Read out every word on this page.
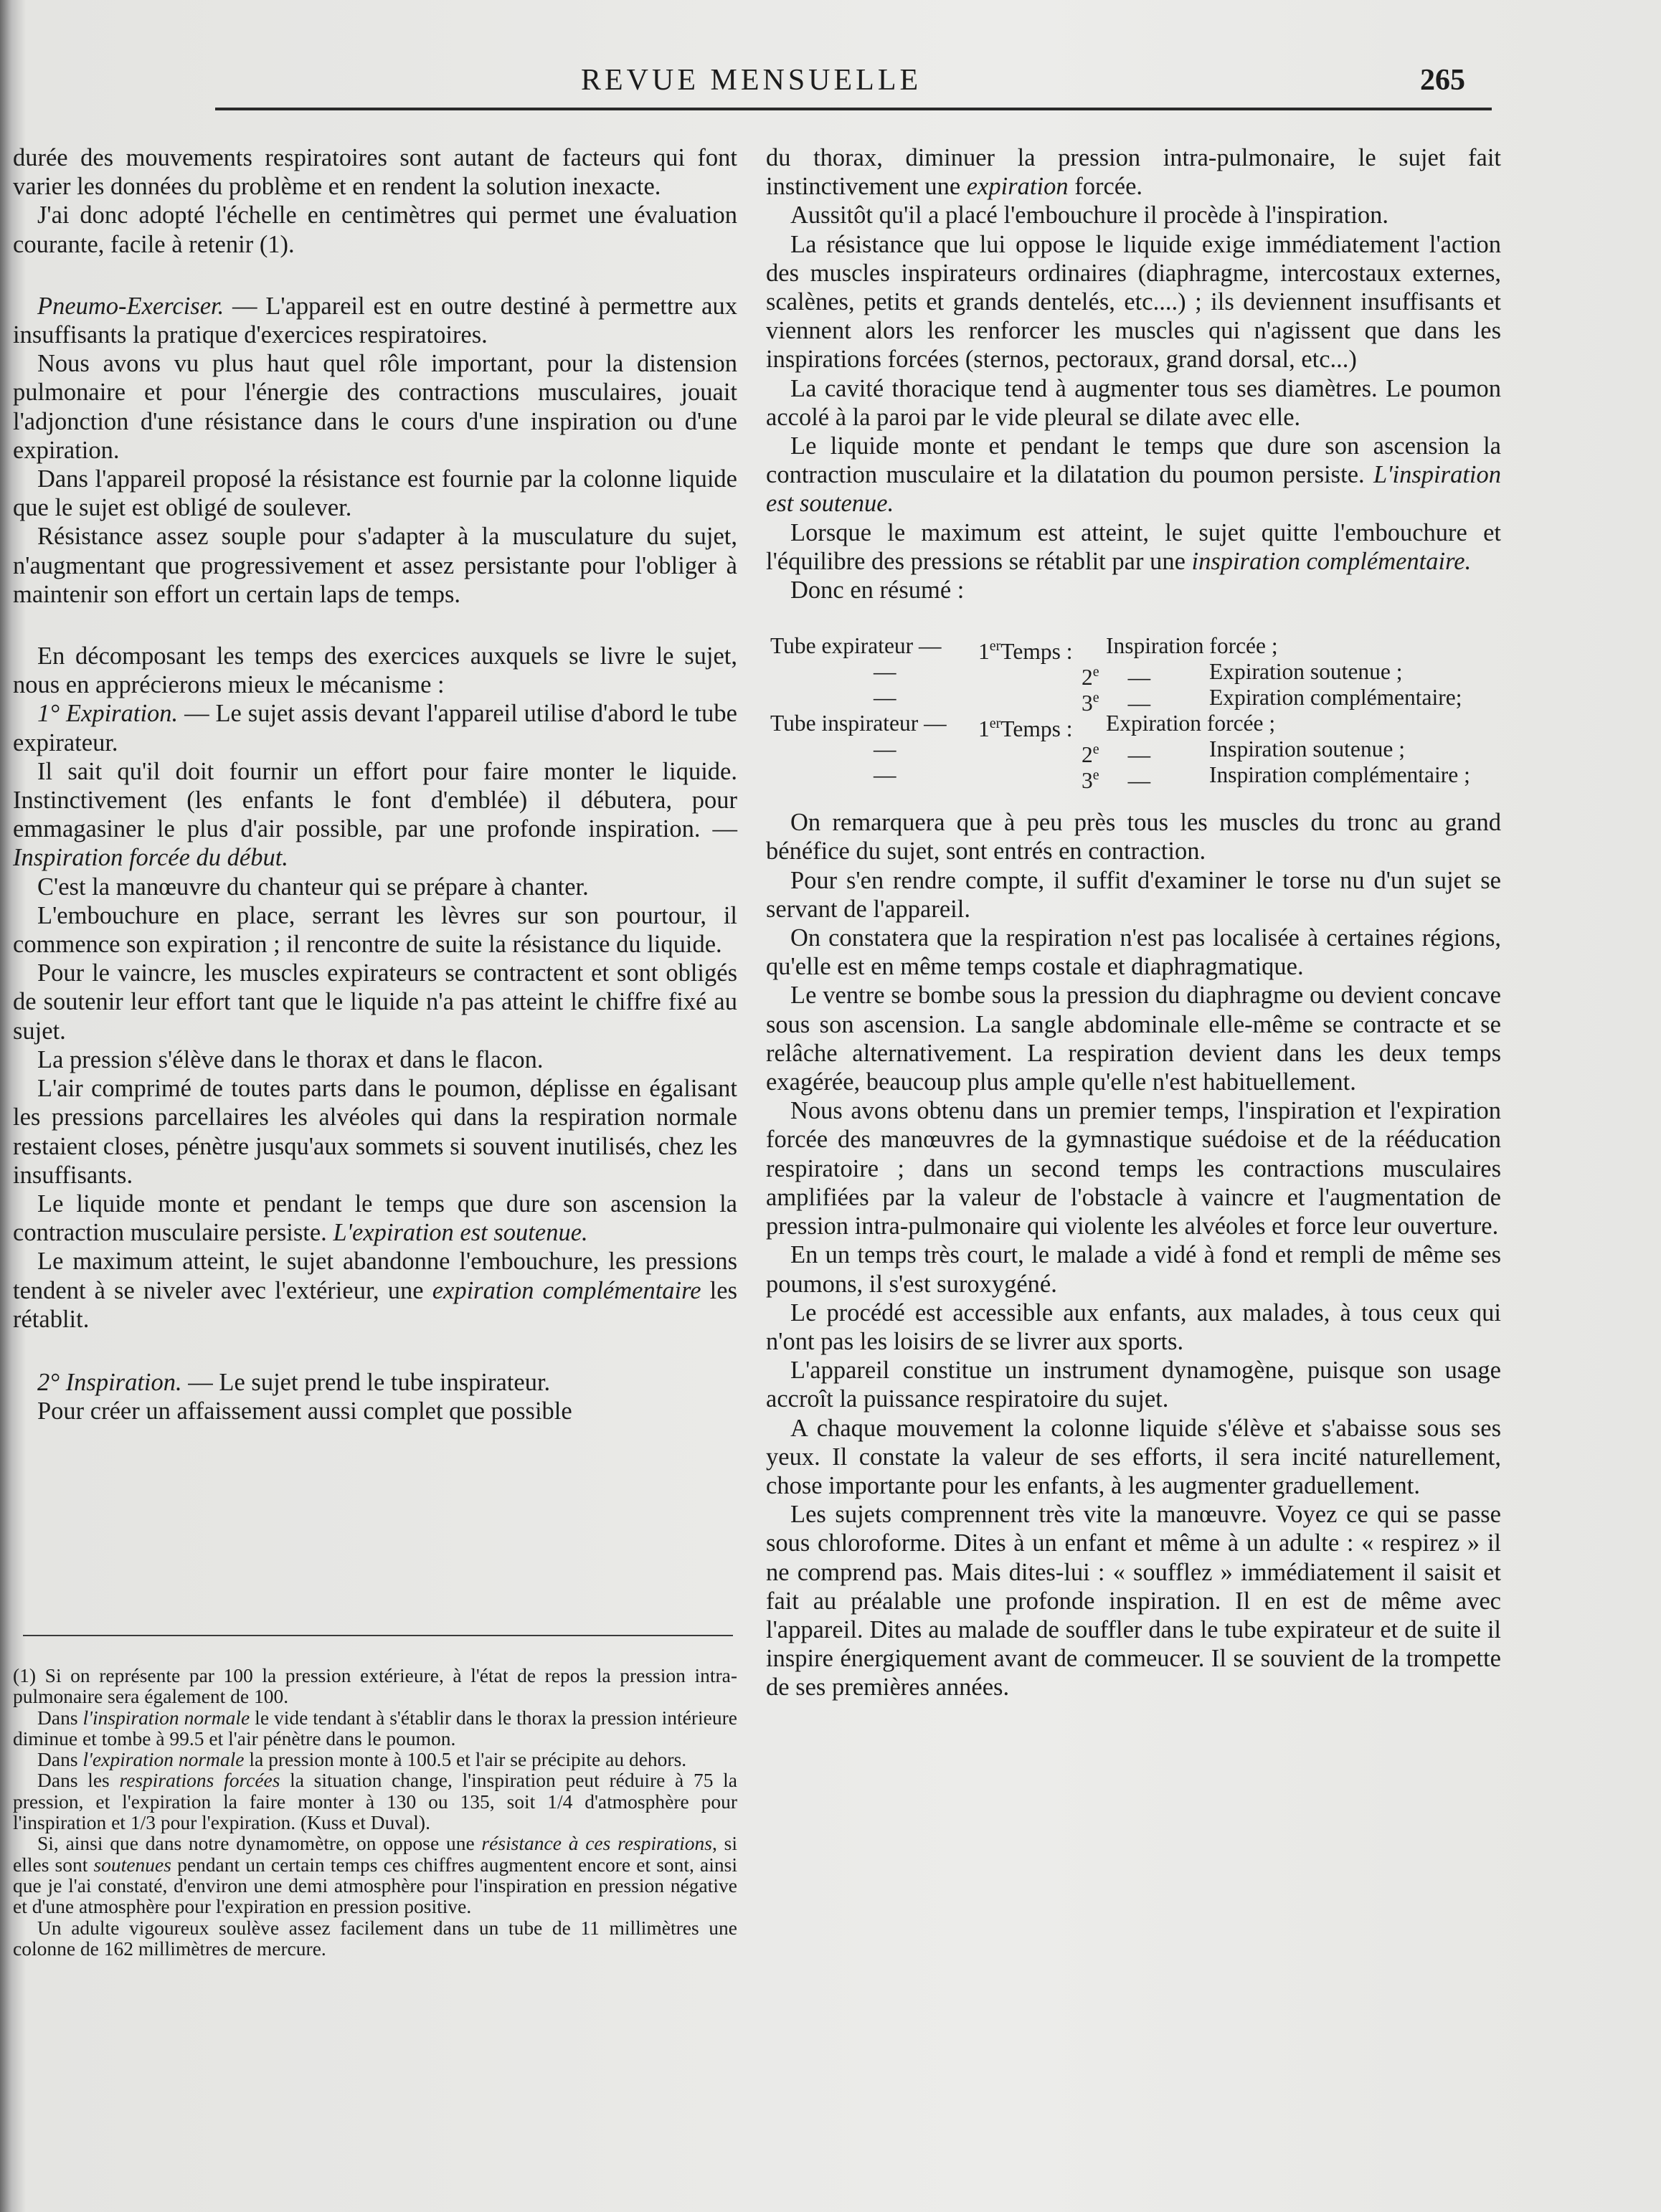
REVUE MENSUELLE	265

durée des mouvements respiratoires sont autant de facteurs qui font varier les données du problème et en rendent la solution inexacte.

J'ai donc adopté l'échelle en centimètres qui permet une évaluation courante, facile à retenir (1).

Pneumo-Exerciser. — L'appareil est en outre destiné à permettre aux insuffisants la pratique d'exercices respiratoires.

Nous avons vu plus haut quel rôle important, pour la distension pulmonaire et pour l'énergie des contractions musculaires, jouait l'adjonction d'une résistance dans le cours d'une inspiration ou d'une expiration.

Dans l'appareil proposé la résistance est fournie par la colonne liquide que le sujet est obligé de soulever.

Résistance assez souple pour s'adapter à la musculature du sujet, n'augmentant que progressivement et assez persistante pour l'obliger à maintenir son effort un certain laps de temps.

En décomposant les temps des exercices auxquels se livre le sujet, nous en apprécierons mieux le mécanisme :

1° Expiration. — Le sujet assis devant l'appareil utilise d'abord le tube expirateur.

Il sait qu'il doit fournir un effort pour faire monter le liquide. Instinctivement (les enfants le font d'emblée) il débutera, pour emmagasiner le plus d'air possible, par une profonde inspiration. — Inspiration forcée du début.

C'est la manœuvre du chanteur qui se prépare à chanter.

L'embouchure en place, serrant les lèvres sur son pourtour, il commence son expiration ; il rencontre de suite la résistance du liquide.

Pour le vaincre, les muscles expirateurs se contractent et sont obligés de soutenir leur effort tant que le liquide n'a pas atteint le chiffre fixé au sujet.

La pression s'élève dans le thorax et dans le flacon.

L'air comprimé de toutes parts dans le poumon, déplisse en égalisant les pressions parcellaires les alvéoles qui dans la respiration normale restaient closes, pénètre jusqu'aux sommets si souvent inutilisés, chez les insuffisants.

Le liquide monte et pendant le temps que dure son ascension la contraction musculaire persiste. L'expiration est soutenue.

Le maximum atteint, le sujet abandonne l'embouchure, les pressions tendent à se niveler avec l'extérieur, une expiration complémentaire les rétablit.

2° Inspiration. — Le sujet prend le tube inspirateur.

Pour créer un affaissement aussi complet que possible

du thorax, diminuer la pression intra-pulmonaire, le sujet fait instinctivement une expiration forcée.

Aussitôt qu'il a placé l'embouchure il procède à l'inspiration.

La résistance que lui oppose le liquide exige immédiatement l'action des muscles inspirateurs ordinaires (diaphragme, intercostaux externes, scalènes, petits et grands dentelés, etc....) ; ils deviennent insuffisants et viennent alors les renforcer les muscles qui n'agissent que dans les inspirations forcées (sternos, pectoraux, grand dorsal, etc...)

La cavité thoracique tend à augmenter tous ses diamètres. Le poumon accolé à la paroi par le vide pleural se dilate avec elle.

Le liquide monte et pendant le temps que dure son ascension la contraction musculaire et la dilatation du poumon persiste. L'inspiration est soutenue.

Lorsque le maximum est atteint, le sujet quitte l'embouchure et l'équilibre des pressions se rétablit par une inspiration complémentaire.

Donc en résumé :

Tube expirateur —	1erTemps :	Inspiration forcée ;
—	2e—	Expiration soutenue ;
—	3e—	Expiration complémentaire;
Tube inspirateur —	1erTemps :	Expiration forcée ;
—	2e—	Inspiration soutenue ;
—	3e—	Inspiration complémentaire ;

On remarquera que à peu près tous les muscles du tronc au grand bénéfice du sujet, sont entrés en contraction.

Pour s'en rendre compte, il suffit d'examiner le torse nu d'un sujet se servant de l'appareil.

On constatera que la respiration n'est pas localisée à certaines régions, qu'elle est en même temps costale et diaphragmatique.

Le ventre se bombe sous la pression du diaphragme ou devient concave sous son ascension. La sangle abdominale elle-même se contracte et se relâche alternativement. La respiration devient dans les deux temps exagérée, beaucoup plus ample qu'elle n'est habituellement.

Nous avons obtenu dans un premier temps, l'inspiration et l'expiration forcée des manœuvres de la gymnastique suédoise et de la rééducation respiratoire ; dans un second temps les contractions musculaires amplifiées par la valeur de l'obstacle à vaincre et l'augmentation de pression intra-pulmonaire qui violente les alvéoles et force leur ouverture.

En un temps très court, le malade a vidé à fond et rempli de même ses poumons, il s'est suroxygéné.

Le procédé est accessible aux enfants, aux malades, à tous ceux qui n'ont pas les loisirs de se livrer aux sports.

L'appareil constitue un instrument dynamogène, puisque son usage accroît la puissance respiratoire du sujet.

A chaque mouvement la colonne liquide s'élève et s'abaisse sous ses yeux. Il constate la valeur de ses efforts, il sera incité naturellement, chose importante pour les enfants, à les augmenter graduellement.

Les sujets comprennent très vite la manœuvre. Voyez ce qui se passe sous chloroforme. Dites à un enfant et même à un adulte : « respirez » il ne comprend pas. Mais dites-lui : « soufflez » immédiatement il saisit et fait au préalable une profonde inspiration. Il en est de même avec l'appareil. Dites au malade de souffler dans le tube expirateur et de suite il inspire énergiquement avant de commeucer. Il se souvient de la trompette de ses premières années.

(1) Si on représente par 100 la pression extérieure, à l'état de repos la pression intra-pulmonaire sera également de 100.

Dans l'inspiration normale le vide tendant à s'établir dans le thorax la pression intérieure diminue et tombe à 99.5 et l'air pénètre dans le poumon.

Dans l'expiration normale la pression monte à 100.5 et l'air se précipite au dehors.

Dans les respirations forcées la situation change, l'inspiration peut réduire à 75 la pression, et l'expiration la faire monter à 130 ou 135, soit 1/4 d'atmosphère pour l'inspiration et 1/3 pour l'expiration. (Kuss et Duval).

Si, ainsi que dans notre dynamomètre, on oppose une résistance à ces respirations, si elles sont soutenues pendant un certain temps ces chiffres augmentent encore et sont, ainsi que je l'ai constaté, d'environ une demi atmosphère pour l'inspiration en pression négative et d'une atmosphère pour l'expiration en pression positive.

Un adulte vigoureux soulève assez facilement dans un tube de 11 millimètres une colonne de 162 millimètres de mercure.
